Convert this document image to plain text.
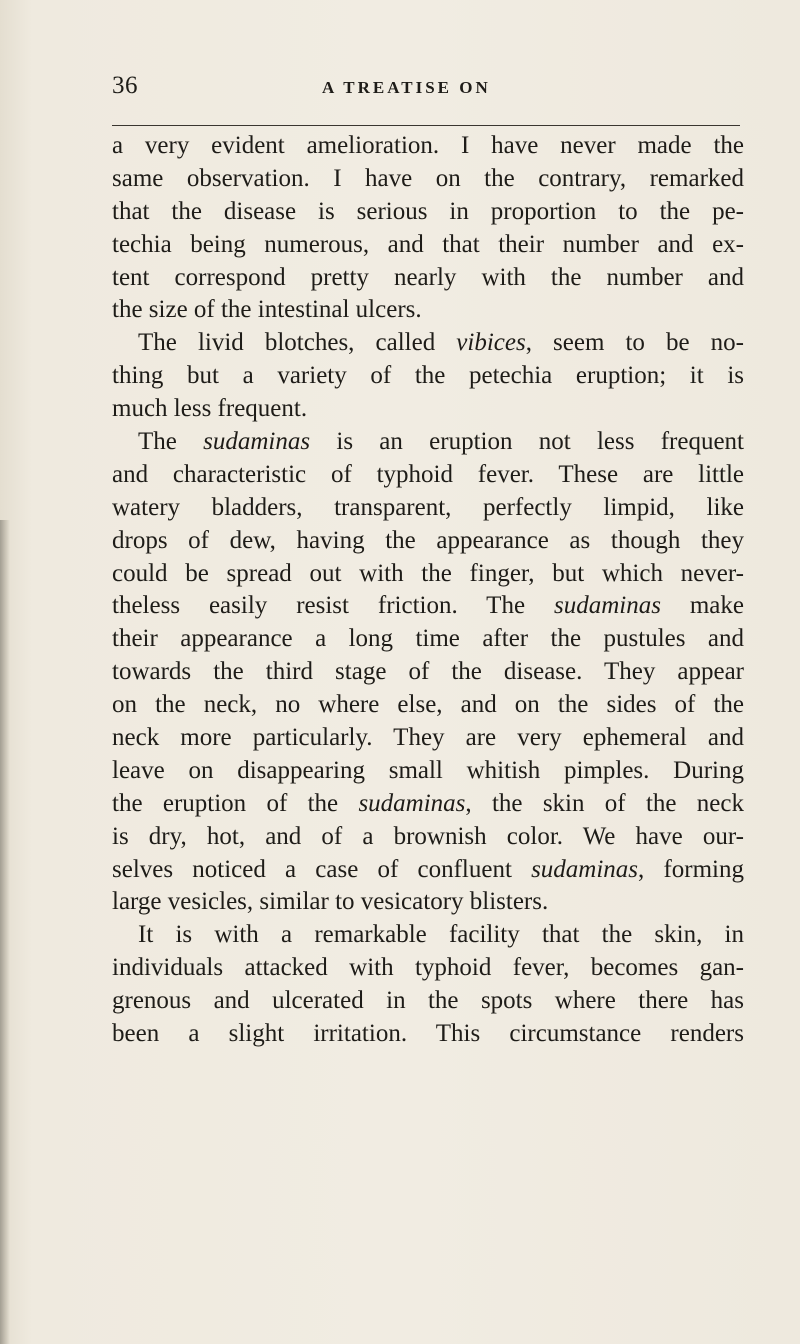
36	A TREATISE ON
a very evident amelioration. I have never made the
same observation. I have on the contrary, remarked
that the disease is serious in proportion to the pe-
techia being numerous, and that their number and ex-
tent correspond pretty nearly with the number and
the size of the intestinal ulcers.
The livid blotches, called vibices, seem to be no-
thing but a variety of the petechia eruption; it is
much less frequent.
The sudaminas is an eruption not less frequent
and characteristic of typhoid fever. These are little
watery bladders, transparent, perfectly limpid, like
drops of dew, having the appearance as though they
could be spread out with the finger, but which never-
theless easily resist friction. The sudaminas make
their appearance a long time after the pustules and
towards the third stage of the disease. They appear
on the neck, no where else, and on the sides of the
neck more particularly. They are very ephemeral and
leave on disappearing small whitish pimples. During
the eruption of the sudaminas, the skin of the neck
is dry, hot, and of a brownish color. We have our-
selves noticed a case of confluent sudaminas, forming
large vesicles, similar to vesicatory blisters.
It is with a remarkable facility that the skin, in
individuals attacked with typhoid fever, becomes gan-
grenous and ulcerated in the spots where there has
been a slight irritation. This circumstance renders
